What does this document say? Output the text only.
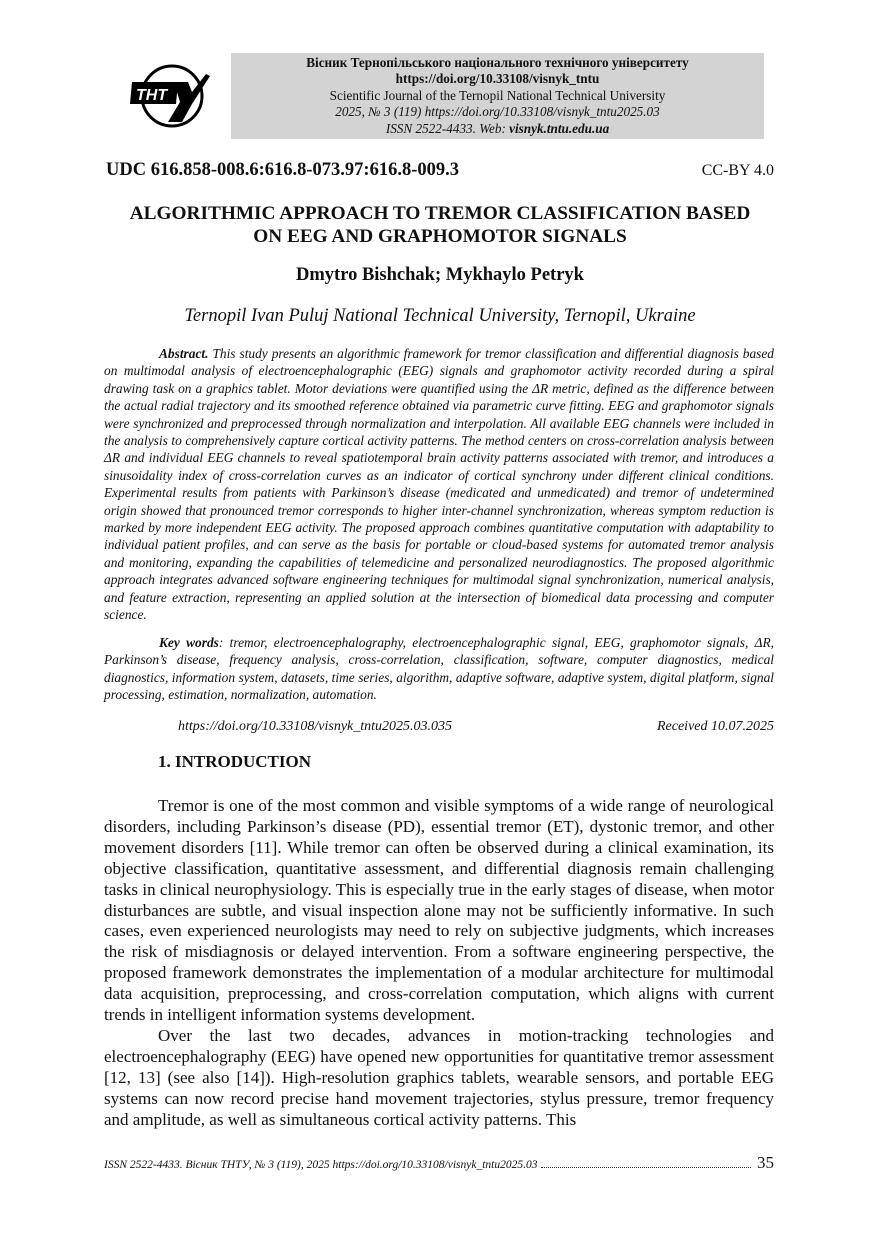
THT
Вісник Тернопільського національного технічного університету
https://doi.org/10.33108/visnyk_tntu
Scientific Journal of the Ternopil National Technical University
2025, № 3 (119) https://doi.org/10.33108/visnyk_tntu2025.03
ISSN 2522-4433. Web: visnyk.tntu.edu.ua
UDC 616.858-008.6:616.8-073.97:616.8-009.3	CC-BY 4.0
ALGORITHMIC APPROACH TO TREMOR CLASSIFICATION BASED
ON EEG AND GRAPHOMOTOR SIGNALS
Dmytro Bishchak; Mykhaylo Petryk
Ternopil Ivan Puluj National Technical University, Ternopil, Ukraine

Abstract. This study presents an algorithmic framework for tremor classification and differential diagnosis based on multimodal analysis of electroencephalographic (EEG) signals and graphomotor activity recorded during a spiral drawing task on a graphics tablet. Motor deviations were quantified using the ΔR metric, defined as the difference between the actual radial trajectory and its smoothed reference obtained via parametric curve fitting. EEG and graphomotor signals were synchronized and preprocessed through normalization and interpolation. All available EEG channels were included in the analysis to comprehensively capture cortical activity patterns. The method centers on cross-correlation analysis between ΔR and individual EEG channels to reveal spatiotemporal brain activity patterns associated with tremor, and introduces a sinusoidality index of cross-correlation curves as an indicator of cortical synchrony under different clinical conditions. Experimental results from patients with Parkinson’s disease (medicated and unmedicated) and tremor of undetermined origin showed that pronounced tremor corresponds to higher inter-channel synchronization, whereas symptom reduction is marked by more independent EEG activity. The proposed approach combines quantitative computation with adaptability to individual patient profiles, and can serve as the basis for portable or cloud-based systems for automated tremor analysis and monitoring, expanding the capabilities of telemedicine and personalized neurodiagnostics. The proposed algorithmic approach integrates advanced software engineering techniques for multimodal signal synchronization, numerical analysis, and feature extraction, representing an applied solution at the intersection of biomedical data processing and computer science.

Key words: tremor, electroencephalography, electroencephalographic signal, EEG, graphomotor signals, ΔR, Parkinson’s disease, frequency analysis, cross-correlation, classification, software, computer diagnostics, medical diagnostics, information system, datasets, time series, algorithm, adaptive software, adaptive system, digital platform, signal processing, estimation, normalization, automation.

https://doi.org/10.33108/visnyk_tntu2025.03.035	Received 10.07.2025
1. INTRODUCTION

Tremor is one of the most common and visible symptoms of a wide range of neurological disorders, including Parkinson’s disease (PD), essential tremor (ET), dystonic tremor, and other movement disorders [11]. While tremor can often be observed during a clinical examination, its objective classification, quantitative assessment, and differential diagnosis remain challenging tasks in clinical neurophysiology. This is especially true in the early stages of disease, when motor disturbances are subtle, and visual inspection alone may not be sufficiently informative. In such cases, even experienced neurologists may need to rely on subjective judgments, which increases the risk of misdiagnosis or delayed intervention. From a software engineering perspective, the proposed framework demonstrates the implementation of a modular architecture for multimodal data acquisition, preprocessing, and cross-correlation computation, which aligns with current trends in intelligent information systems development.

Over the last two decades, advances in motion-tracking technologies and electroencephalography (EEG) have opened new opportunities for quantitative tremor assessment [12, 13] (see also [14]). High-resolution graphics tablets, wearable sensors, and portable EEG systems can now record precise hand movement trajectories, stylus pressure, tremor frequency and amplitude, as well as simultaneous cortical activity patterns. This

ISSN 2522-4433. Вісник ТНТУ, № 3 (119), 2025 https://doi.org/10.33108/visnyk_tntu2025.03	35
